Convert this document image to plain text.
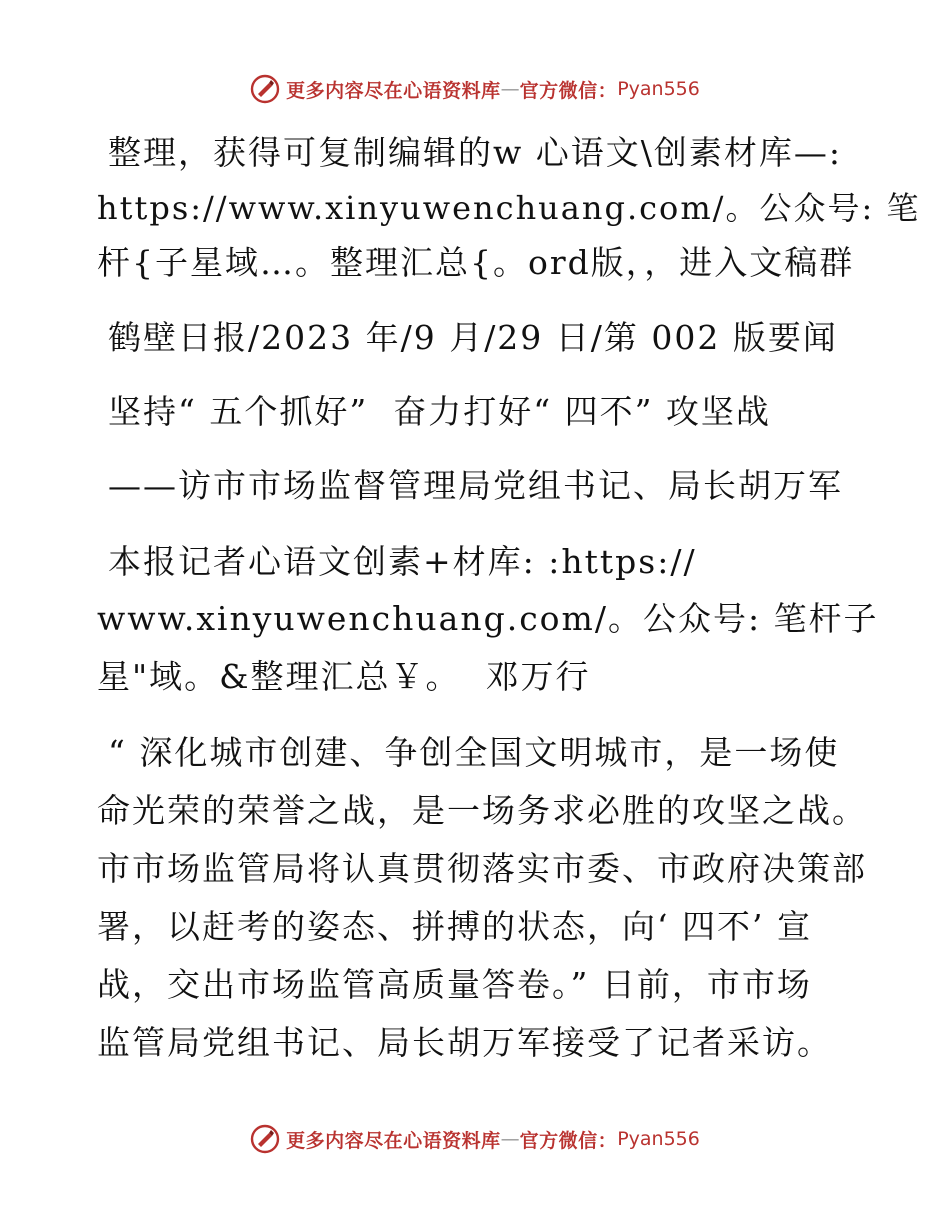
更多内容尽在心语资料库 — 官方微信： Pyan556

整理，获得可复制编辑的w 心语文\创素材库—:

https://www.xinyuwenchuang.com/。公众号: 笔

杆{子星域…。整理汇总{。ord版，，进入文稿群

鹤壁日报/2023 年/9 月/29 日/第 002 版要闻

坚持“ 五个抓好”  奋力打好“ 四不” 攻坚战

——访市市场监督管理局党组书记、局长胡万军

本报记者心语文创素+材库: :https://

www.xinyuwenchuang.com/。公众号: 笔杆子

星"域。&整理汇总￥。  邓万行

“ 深化城市创建、争创全国文明城市，是一场使

命光荣的荣誉之战，是一场务求必胜的攻坚之战。

市市场监管局将认真贯彻落实市委、市政府决策部

署，以赶考的姿态、拼搏的状态，向‘ 四不’ 宣

战，交出市场监管高质量答卷。” 日前，市市场

监管局党组书记、局长胡万军接受了记者采访。

更多内容尽在心语资料库 — 官方微信： Pyan556
